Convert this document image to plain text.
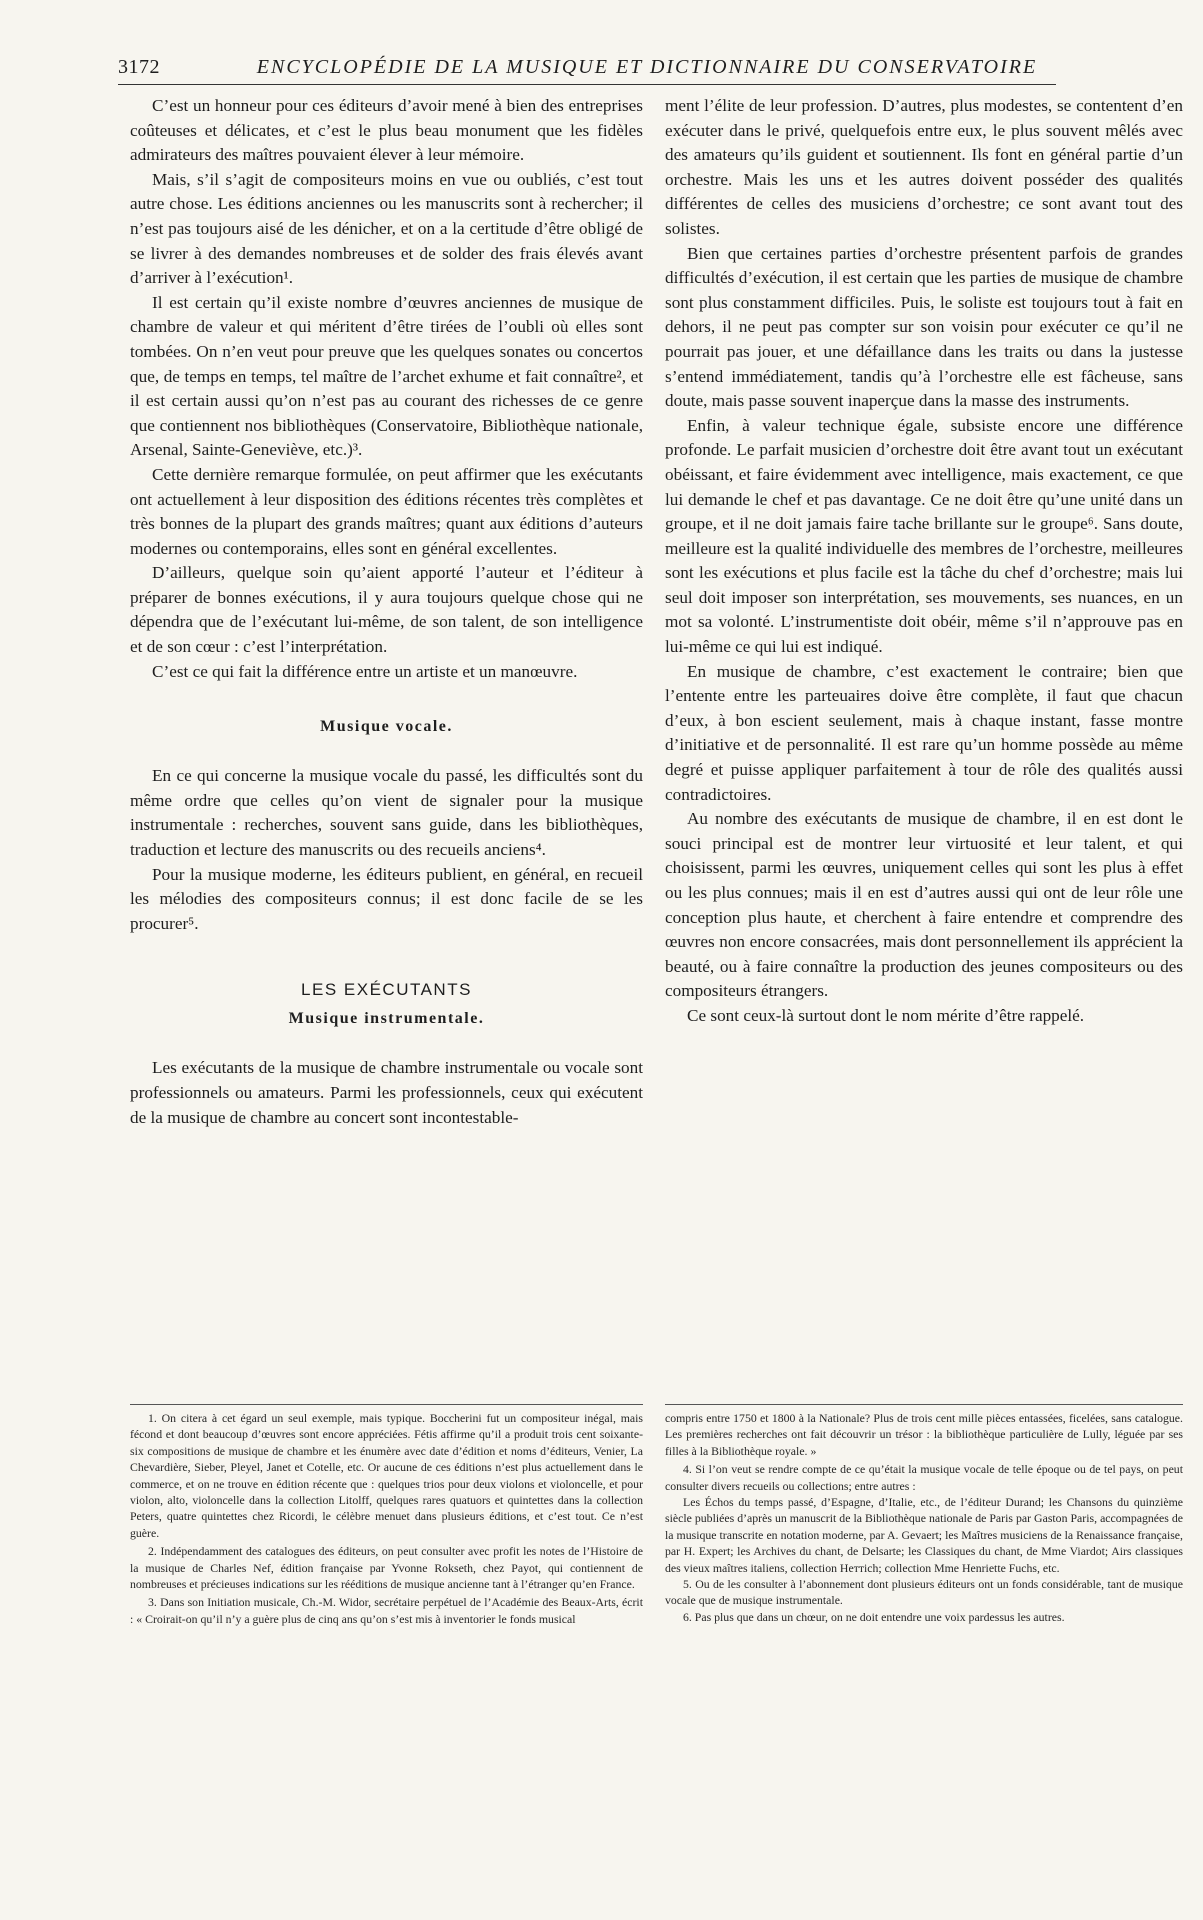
3172	ENCYCLOPÉDIE DE LA MUSIQUE ET DICTIONNAIRE DU CONSERVATOIRE

C’est un honneur pour ces éditeurs d’avoir mené à bien des entreprises coûteuses et délicates, et c’est le plus beau monument que les fidèles admirateurs des maîtres pouvaient élever à leur mémoire.

Mais, s’il s’agit de compositeurs moins en vue ou oubliés, c’est tout autre chose. Les éditions anciennes ou les manuscrits sont à rechercher; il n’est pas toujours aisé de les dénicher, et on a la certitude d’être obligé de se livrer à des demandes nombreuses et de solder des frais élevés avant d’arriver à l’exécution¹.

Il est certain qu’il existe nombre d’œuvres anciennes de musique de chambre de valeur et qui méritent d’être tirées de l’oubli où elles sont tombées. On n’en veut pour preuve que les quelques sonates ou concertos que, de temps en temps, tel maître de l’archet exhume et fait connaître², et il est certain aussi qu’on n’est pas au courant des richesses de ce genre que contiennent nos bibliothèques (Conservatoire, Bibliothèque nationale, Arsenal, Sainte-Geneviève, etc.)³.

Cette dernière remarque formulée, on peut affirmer que les exécutants ont actuellement à leur disposition des éditions récentes très complètes et très bonnes de la plupart des grands maîtres; quant aux éditions d’auteurs modernes ou contemporains, elles sont en général excellentes.

D’ailleurs, quelque soin qu’aient apporté l’auteur et l’éditeur à préparer de bonnes exécutions, il y aura toujours quelque chose qui ne dépendra que de l’exécutant lui-même, de son talent, de son intelligence et de son cœur : c’est l’interprétation.

C’est ce qui fait la différence entre un artiste et un manœuvre.

Musique vocale.

En ce qui concerne la musique vocale du passé, les difficultés sont du même ordre que celles qu’on vient de signaler pour la musique instrumentale : recherches, souvent sans guide, dans les bibliothèques, traduction et lecture des manuscrits ou des recueils anciens⁴.

Pour la musique moderne, les éditeurs publient, en général, en recueil les mélodies des compositeurs connus; il est donc facile de se les procurer⁵.

LES EXÉCUTANTS
Musique instrumentale.

Les exécutants de la musique de chambre instrumentale ou vocale sont professionnels ou amateurs. Parmi les professionnels, ceux qui exécutent de la musique de chambre au concert sont incontestable-

ment l’élite de leur profession. D’autres, plus modestes, se contentent d’en exécuter dans le privé, quelquefois entre eux, le plus souvent mêlés avec des amateurs qu’ils guident et soutiennent. Ils font en général partie d’un orchestre. Mais les uns et les autres doivent posséder des qualités différentes de celles des musiciens d’orchestre; ce sont avant tout des solistes.

Bien que certaines parties d’orchestre présentent parfois de grandes difficultés d’exécution, il est certain que les parties de musique de chambre sont plus constamment difficiles. Puis, le soliste est toujours tout à fait en dehors, il ne peut pas compter sur son voisin pour exécuter ce qu’il ne pourrait pas jouer, et une défaillance dans les traits ou dans la justesse s’entend immédiatement, tandis qu’à l’orchestre elle est fâcheuse, sans doute, mais passe souvent inaperçue dans la masse des instruments.

Enfin, à valeur technique égale, subsiste encore une différence profonde. Le parfait musicien d’orchestre doit être avant tout un exécutant obéissant, et faire évidemment avec intelligence, mais exactement, ce que lui demande le chef et pas davantage. Ce ne doit être qu’une unité dans un groupe, et il ne doit jamais faire tache brillante sur le groupe⁶. Sans doute, meilleure est la qualité individuelle des membres de l’orchestre, meilleures sont les exécutions et plus facile est la tâche du chef d’orchestre; mais lui seul doit imposer son interprétation, ses mouvements, ses nuances, en un mot sa volonté. L’instrumentiste doit obéir, même s’il n’approuve pas en lui-même ce qui lui est indiqué.

En musique de chambre, c’est exactement le contraire; bien que l’entente entre les parteuaires doive être complète, il faut que chacun d’eux, à bon escient seulement, mais à chaque instant, fasse montre d’initiative et de personnalité. Il est rare qu’un homme possède au même degré et puisse appliquer parfaitement à tour de rôle des qualités aussi contradictoires.

Au nombre des exécutants de musique de chambre, il en est dont le souci principal est de montrer leur virtuosité et leur talent, et qui choisissent, parmi les œuvres, uniquement celles qui sont les plus à effet ou les plus connues; mais il en est d’autres aussi qui ont de leur rôle une conception plus haute, et cherchent à faire entendre et comprendre des œuvres non encore consacrées, mais dont personnellement ils apprécient la beauté, ou à faire connaître la production des jeunes compositeurs ou des compositeurs étrangers.

Ce sont ceux-là surtout dont le nom mérite d’être rappelé.

1. On citera à cet égard un seul exemple, mais typique. Boccherini fut un compositeur inégal, mais fécond et dont beaucoup d’œuvres sont encore appréciées. Fétis affirme qu’il a produit trois cent soixante-six compositions de musique de chambre et les énumère avec date d’édition et noms d’éditeurs, Venier, La Chevardière, Sieber, Pleyel, Janet et Cotelle, etc. Or aucune de ces éditions n’est plus actuellement dans le commerce, et on ne trouve en édition récente que : quelques trios pour deux violons et violoncelle, et pour violon, alto, violoncelle dans la collection Litolff, quelques rares quatuors et quintettes dans la collection Peters, quatre quintettes chez Ricordi, le célèbre menuet dans plusieurs éditions, et c’est tout. Ce n’est guère.

2. Indépendamment des catalogues des éditeurs, on peut consulter avec profit les notes de l’Histoire de la musique de Charles Nef, édition française par Yvonne Rokseth, chez Payot, qui contiennent de nombreuses et précieuses indications sur les rééditions de musique ancienne tant à l’étranger qu’en France.

3. Dans son Initiation musicale, Ch.-M. Widor, secrétaire perpétuel de l’Académie des Beaux-Arts, écrit : « Croirait-on qu’il n’y a guère plus de cinq ans qu’on s’est mis à inventorier le fonds musical

compris entre 1750 et 1800 à la Nationale? Plus de trois cent mille pièces entassées, ficelées, sans catalogue. Les premières recherches ont fait découvrir un trésor : la bibliothèque particulière de Lully, léguée par ses filles à la Bibliothèque royale. »

4. Si l’on veut se rendre compte de ce qu’était la musique vocale de telle époque ou de tel pays, on peut consulter divers recueils ou collections; entre autres :

Les Échos du temps passé, d’Espagne, d’Italie, etc., de l’éditeur Durand; les Chansons du quinzième siècle publiées d’après un manuscrit de la Bibliothèque nationale de Paris par Gaston Paris, accompagnées de la musique transcrite en notation moderne, par A. Gevaert; les Maîtres musiciens de la Renaissance française, par H. Expert; les Archives du chant, de Delsarte; les Classiques du chant, de Mme Viardot; Airs classiques des vieux maîtres italiens, collection Heттich; collection Mme Henriette Fuchs, etc.

5. Ou de les consulter à l’abonnement dont plusieurs éditeurs ont un fonds considérable, tant de musique vocale que de musique instrumentale.

6. Pas plus que dans un chœur, on ne doit entendre une voix pardessus les autres.
